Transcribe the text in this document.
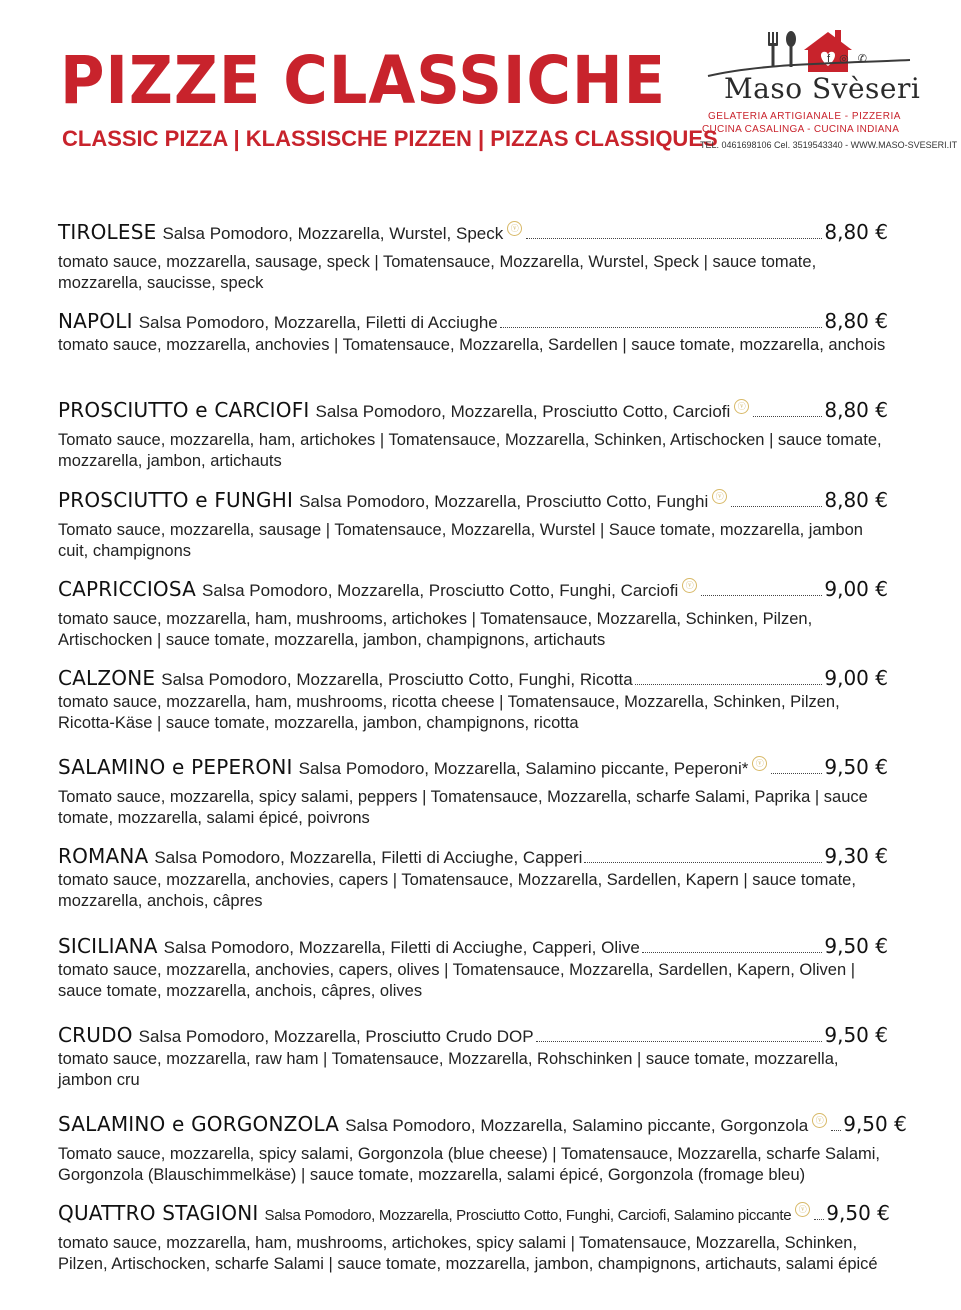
PIZZE CLASSICHE
CLASSIC PIZZA | KLASSISCHE PIZZEN | PIZZAS CLASSIQUES
f ◎ ✆
Maso Svèseri
GELATERIA ARTIGIANALE - PIZZERIA
CUCINA CASALINGA - CUCINA INDIANA
TEL. 0461698106 Cel. 3519543340 - WWW.MASO-SVESERI.IT
TIROLESE Salsa Pomodoro, Mozzarella, Wurstel, Speck ⓥ	8,80 €
tomato sauce, mozzarella, sausage, speck | Tomatensauce, Mozzarella, Wurstel, Speck | sauce tomate, mozzarella, saucisse, speck
NAPOLI Salsa Pomodoro, Mozzarella, Filetti di Acciughe	8,80 €
tomato sauce, mozzarella, anchovies | Tomatensauce, Mozzarella, Sardellen | sauce tomate, mozzarella, anchois
PROSCIUTTO e CARCIOFI Salsa Pomodoro, Mozzarella, Prosciutto Cotto, Carciofi ⓥ	8,80 €
Tomato sauce, mozzarella, ham, artichokes | Tomatensauce, Mozzarella, Schinken, Artischocken | sauce tomate, mozzarella, jambon, artichauts
PROSCIUTTO e FUNGHI Salsa Pomodoro, Mozzarella, Prosciutto Cotto, Funghi ⓥ	8,80 €
Tomato sauce, mozzarella, sausage | Tomatensauce, Mozzarella, Wurstel | Sauce tomate, mozzarella, jambon cuit, champignons
CAPRICCIOSA Salsa Pomodoro, Mozzarella, Prosciutto Cotto, Funghi, Carciofi ⓥ	9,00 €
tomato sauce, mozzarella, ham, mushrooms, artichokes | Tomatensauce, Mozzarella, Schinken, Pilzen, Artischocken | sauce tomate, mozzarella, jambon, champignons, artichauts
CALZONE Salsa Pomodoro, Mozzarella, Prosciutto Cotto, Funghi, Ricotta	9,00 €
tomato sauce, mozzarella, ham, mushrooms, ricotta cheese | Tomatensauce, Mozzarella, Schinken, Pilzen, Ricotta-Käse | sauce tomate, mozzarella, jambon, champignons, ricotta
SALAMINO e PEPERONI Salsa Pomodoro, Mozzarella, Salamino piccante, Peperoni* ⓥ	9,50 €
Tomato sauce, mozzarella, spicy salami, peppers | Tomatensauce, Mozzarella, scharfe Salami, Paprika | sauce tomate, mozzarella, salami épicé, poivrons
ROMANA Salsa Pomodoro, Mozzarella, Filetti di Acciughe, Capperi	9,30 €
tomato sauce, mozzarella, anchovies, capers | Tomatensauce, Mozzarella, Sardellen, Kapern | sauce tomate, mozzarella, anchois, câpres
SICILIANA Salsa Pomodoro, Mozzarella, Filetti di Acciughe, Capperi, Olive	9,50 €
tomato sauce, mozzarella, anchovies, capers, olives | Tomatensauce, Mozzarella, Sardellen, Kapern, Oliven | sauce tomate, mozzarella, anchois, câpres, olives
CRUDO Salsa Pomodoro, Mozzarella, Prosciutto Crudo DOP	9,50 €
tomato sauce, mozzarella, raw ham | Tomatensauce, Mozzarella, Rohschinken | sauce tomate, mozzarella, jambon cru
SALAMINO e GORGONZOLA Salsa Pomodoro, Mozzarella, Salamino piccante, Gorgonzola ⓥ 9,50 €
Tomato sauce, mozzarella, spicy salami, Gorgonzola (blue cheese) | Tomatensauce, Mozzarella, scharfe Salami, Gorgonzola (Blauschimmelkäse) | sauce tomate, mozzarella, salami épicé, Gorgonzola (fromage bleu)
QUATTRO STAGIONI Salsa Pomodoro, Mozzarella, Prosciutto Cotto, Funghi, Carciofi, Salamino piccante ⓥ 9,50 €
tomato sauce, mozzarella, ham, mushrooms, artichokes, spicy salami | Tomatensauce, Mozzarella, Schinken, Pilzen, Artischocken, scharfe Salami | sauce tomate, mozzarella, jambon, champignons, artichauts, salami épicé
